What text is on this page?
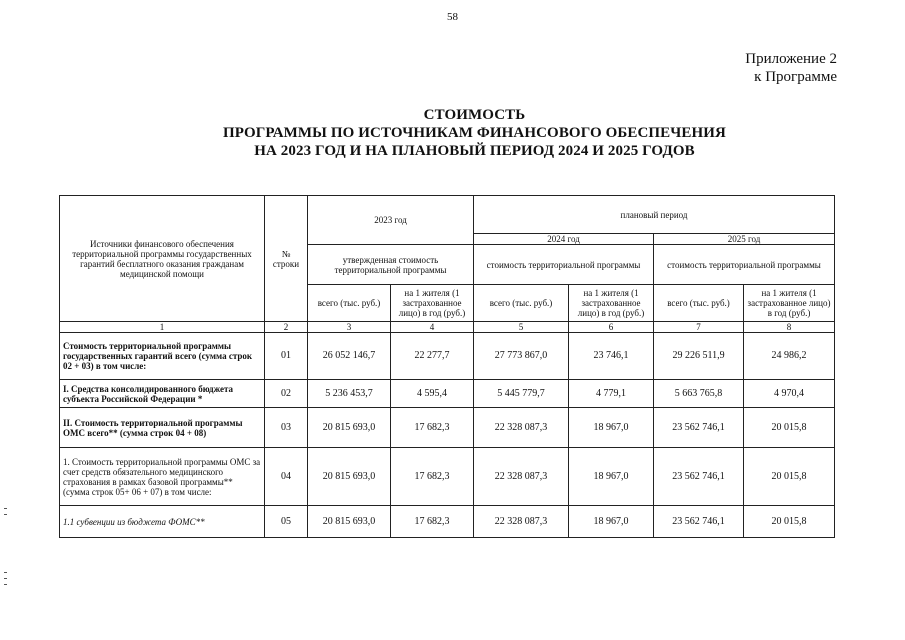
58
Приложение 2
к Программе
СТОИМОСТЬ
ПРОГРАММЫ ПО ИСТОЧНИКАМ ФИНАНСОВОГО ОБЕСПЕЧЕНИЯ
НА 2023 ГОД И НА ПЛАНОВЫЙ ПЕРИОД 2024 И 2025 ГОДОВ
Источники финансового обеспечения территориальной программы государственных гарантий бесплатного оказания гражданам медицинской помощи	№ строки	2023 год		плановый период			
				2024 год		2025 год	
		утвержденная стоимость территориальной программы		стоимость территориальной программы		стоимость территориальной программы	
		всего (тыс. руб.)	на 1 жителя (1 застрахованное лицо) в год (руб.)	всего (тыс. руб.)	на 1 жителя (1 застрахованное лицо) в год (руб.)	всего (тыс. руб.)	на 1 жителя (1 застрахованное лицо) в год (руб.)
1	2	3	4	5	6	7	8
Стоимость территориальной программы государственных гарантий всего (сумма строк 02 + 03) в том числе:	01	26 052 146,7	22 277,7	27 773 867,0	23 746,1	29 226 511,9	24 986,2
I. Средства консолидированного бюджета субъекта Российской Федерации *	02	5 236 453,7	4 595,4	5 445 779,7	4 779,1	5 663 765,8	4 970,4
II. Стоимость территориальной программы ОМС всего** (сумма строк 04 + 08)	03	20 815 693,0	17 682,3	22 328 087,3	18 967,0	23 562 746,1	20 015,8
1. Стоимость территориальной программы ОМС за счет средств обязательного медицинского страхования в рамках базовой программы** (сумма строк 05+ 06 + 07) в том числе:	04	20 815 693,0	17 682,3	22 328 087,3	18 967,0	23 562 746,1	20 015,8
1.1 субвенции из бюджета ФОМС**	05	20 815 693,0	17 682,3	22 328 087,3	18 967,0	23 562 746,1	20 015,8
